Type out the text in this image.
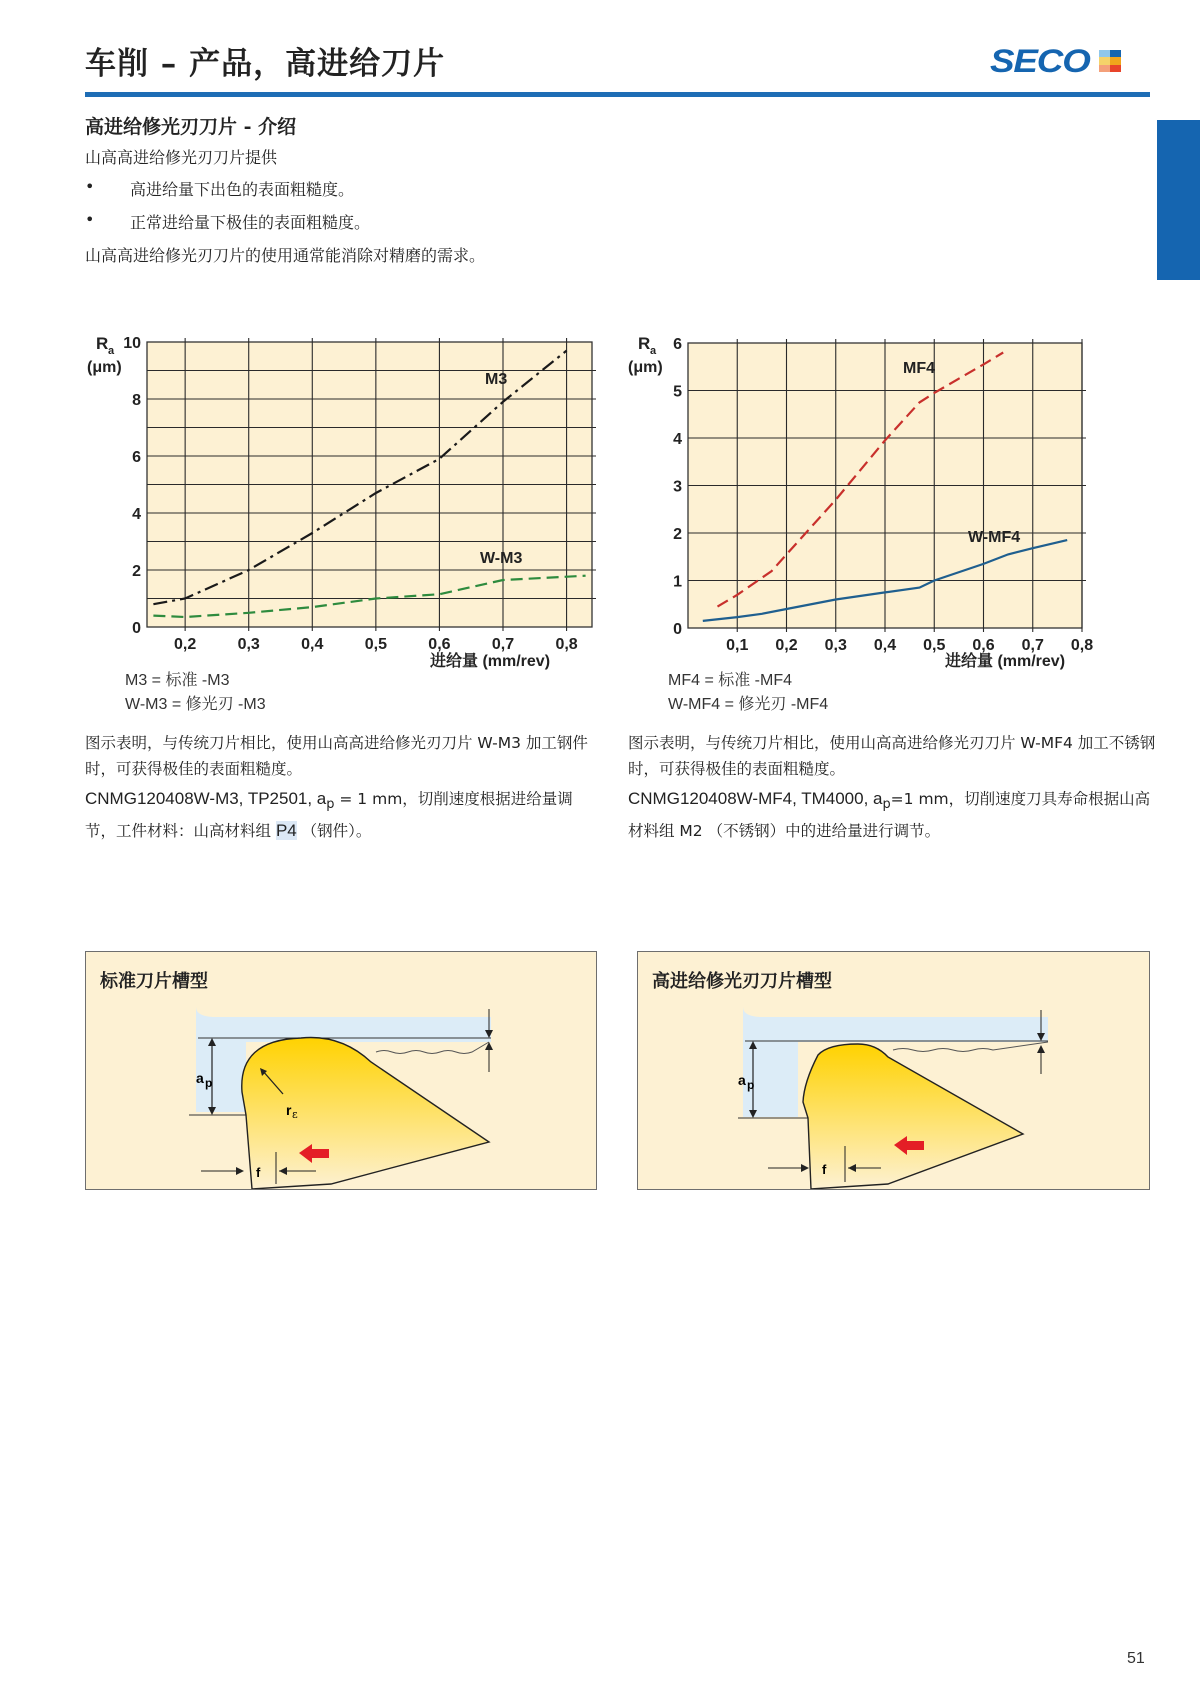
车削 – 产品，高进给刀片	SECO
高进给修光刃刀片 - 介绍
山高高进给修光刃刀片提供
•	高进给量下出色的表面粗糙度。
•	正常进给量下极佳的表面粗糙度。
山高高进给修光刃刀片的使用通常能消除对精磨的需求。
R a
(μm)
0
2
4
6
8
10
0,2	0,3	0,4	0,5	0,6	0,7	0,8
进给量 (mm/rev)
M3
W-M3
M3 = 标准 -M3
W-M3 = 修光刃 -M3
图示表明，与传统刀片相比，使用山高高进给修光刃刀片 W-M3 加工钢件时，可获得极佳的表面粗糙度。
CNMG120408W-M3, TP2501, $a_p = 1$ mm，切削速度根据进给量调节，工件材料：山高材料组 P4 （钢件）。
R a
(μm)
0
1
2
3
4
5
6
0,1 0,2 0,3 0,4 0,5 0,6 0,7 0,8
进给量 (mm/rev)
MF4
W-MF4
MF4 = 标准 -MF4
W-MF4 = 修光刃 -MF4
图示表明，与传统刀片相比，使用山高高进给修光刃刀片 W-MF4 加工不锈钢时，可获得极佳的表面粗糙度。
CNMG120408W-MF4, TM4000, $a_p=1$ mm，切削速度刀具寿命根据山高材料组 M2 （不锈钢）中的进给量进行调节。
标准刀片槽型
a p
r ε
f
高进给修光刃刀片槽型
a p
f
51
